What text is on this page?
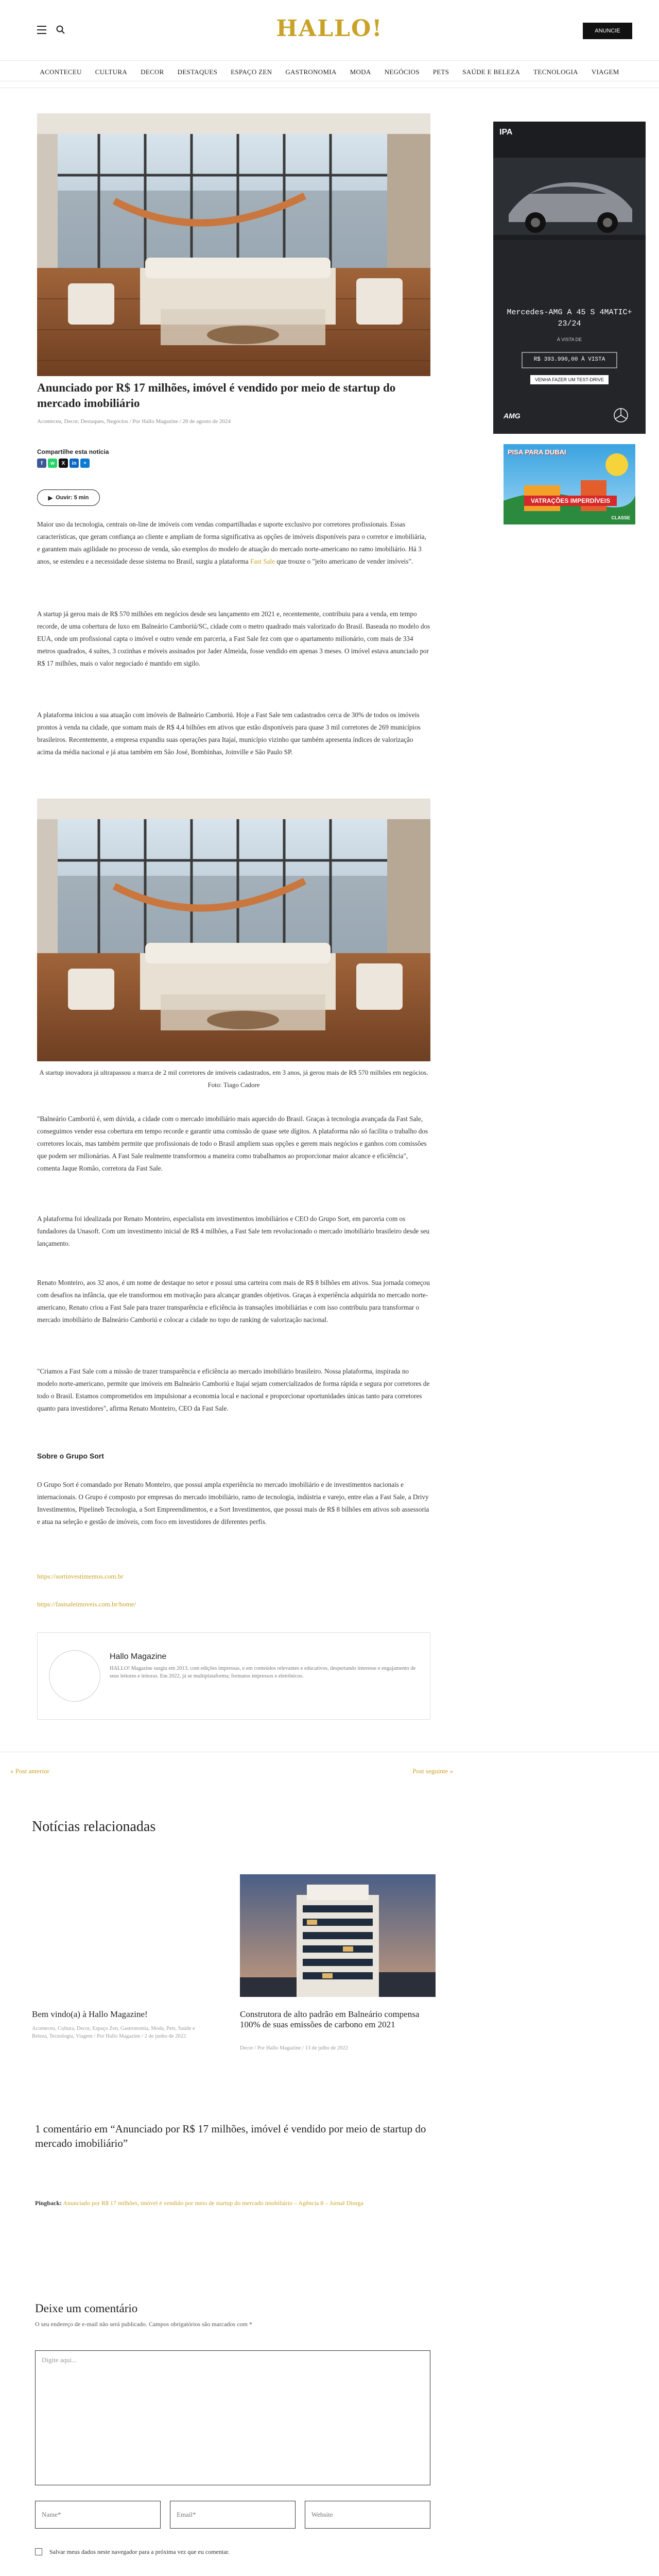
HALLO!	ANUNCIE
ACONTECEU CULTURA DECOR DESTAQUES ESPAÇO ZEN GASTRONOMIA MODA NEGÓCIOS PETS SAÚDE E BELEZA TECNOLOGIA VIAGEM
Anunciado por R$ 17 milhões, imóvel é vendido por meio de startup do mercado imobiliário
Aconteceu, Decor, Destaques, Negócios / Por Hallo Magazine / 28 de agosto de 2024
Compartilhe esta notícia
f	w	X	in	+
▶ Ouvir: 5 min

Maior uso da tecnologia, centrais on-line de imóveis com vendas compartilhadas e suporte exclusivo por corretores profissionais. Essas características, que geram confiança ao cliente e ampliam de forma significativa as opções de imóveis disponíveis para o corretor e imobiliária, e garantem mais agilidade no processo de venda, são exemplos do modelo de atuação do mercado norte-americano no ramo imobiliário. Há 3 anos, se estendeu e a necessidade desse sistema no Brasil, surgiu a plataforma Fast Sale que trouxe o "jeito americano de vender imóveis".

A startup já gerou mais de R$ 570 milhões em negócios desde seu lançamento em 2021 e, recentemente, contribuiu para a venda, em tempo recorde, de uma cobertura de luxo em Balneário Camboriú/SC, cidade com o metro quadrado mais valorizado do Brasil. Baseada no modelo dos EUA, onde um profissional capta o imóvel e outro vende em parceria, a Fast Sale fez com que o apartamento milionário, com mais de 334 metros quadrados, 4 suítes, 3 cozinhas e móveis assinados por Jader Almeida, fosse vendido em apenas 3 meses. O imóvel estava anunciado por R$ 17 milhões, mais o valor negociado é mantido em sigilo.

A plataforma iniciou a sua atuação com imóveis de Balneário Camboriú. Hoje a Fast Sale tem cadastrados cerca de 30% de todos os imóveis prontos à venda na cidade, que somam mais de R$ 4,4 bilhões em ativos que estão disponíveis para quase 3 mil corretores de 269 municípios brasileiros. Recentemente, a empresa expandiu suas operações para Itajaí, município vizinho que também apresenta índices de valorização acima da média nacional e já atua também em São José, Bombinhas, Joinville e São Paulo SP.

A startup inovadora já ultrapassou a marca de 2 mil corretores de imóveis cadastrados, em 3 anos, já gerou mais de R$ 570 milhões em negócios. Foto: Tiago Cadore

"Balneário Camboriú é, sem dúvida, a cidade com o mercado imobiliário mais aquecido do Brasil. Graças à tecnologia avançada da Fast Sale, conseguimos vender essa cobertura em tempo recorde e garantir uma comissão de quase sete dígitos. A plataforma não só facilita o trabalho dos corretores locais, mas também permite que profissionais de todo o Brasil ampliem suas opções e gerem mais negócios e ganhos com comissões que podem ser milionárias. A Fast Sale realmente transformou a maneira como trabalhamos ao proporcionar maior alcance e eficiência", comenta Jaque Romão, corretora da Fast Sale.

A plataforma foi idealizada por Renato Monteiro, especialista em investimentos imobiliários e CEO do Grupo Sort, em parceria com os fundadores da Unasoft. Com um investimento inicial de R$ 4 milhões, a Fast Sale tem revolucionado o mercado imobiliário brasileiro desde seu lançamento.

Renato Monteiro, aos 32 anos, é um nome de destaque no setor e possui uma carteira com mais de R$ 8 bilhões em ativos. Sua jornada começou com desafios na infância, que ele transformou em motivação para alcançar grandes objetivos. Graças à experiência adquirida no mercado norte-americano, Renato criou a Fast Sale para trazer transparência e eficiência às transações imobiliárias e com isso contribuiu para transformar o mercado imobiliário de Balneário Camboriú e colocar a cidade no topo de ranking de valorização nacional.

"Criamos a Fast Sale com a missão de trazer transparência e eficiência ao mercado imobiliário brasileiro. Nossa plataforma, inspirada no modelo norte-americano, permite que imóveis em Balneário Camboriú e Itajaí sejam comercializados de forma rápida e segura por corretores de todo o Brasil. Estamos comprometidos em impulsionar a economia local e nacional e proporcionar oportunidades únicas tanto para corretores quanto para investidores", afirma Renato Monteiro, CEO da Fast Sale.

Sobre o Grupo Sort

O Grupo Sort é comandado por Renato Monteiro, que possui ampla experiência no mercado imobiliário e de investimentos nacionais e internacionais. O Grupo é composto por empresas do mercado imobiliário, ramo de tecnologia, indústria e varejo, entre elas a Fast Sale, a Drivy Investimentos, Pipelineb Tecnologia, a Sort Empreendimentos, e a Sort Investimentos, que possui mais de R$ 8 bilhões em ativos sob assessoria e atua na seleção e gestão de imóveis, com foco em investidores de diferentes perfis.

https://sortinvestimentos.com.br
https://fastsaleimoveis.com.br/home/
Hallo Magazine
HALLO! Magazine surgiu em 2013, com edições impressas, e em conteúdos relevantes e educativos, despertando interesse e engajamento de seus leitores e leitoras. Em 2022, já se multiplataforma; formatos impressos e eletrônicos.
« Post anterior	Post seguinte »
Notícias relacionadas
Bem vindo(a) à Hallo Magazine!
Aconteceu, Cultura, Decor, Espaço Zen, Gastronomia, Moda, Pets, Saúde e Beleza, Tecnologia, Viagem / Por Hallo Magazine / 2 de junho de 2022
Construtora de alto padrão em Balneário compensa 100% de suas emissões de carbono em 2021
Decor / Por Hallo Magazine / 13 de julho de 2022
1 comentário em “Anunciado por R$ 17 milhões, imóvel é vendido por meio de startup do mercado imobiliário”
Pingback: Anunciado por R$ 17 milhões, imóvel é vendido por meio de startup do mercado imobiliário – Agência 8 – Jornal Diorga
Deixe um comentário
O seu endereço de e-mail não será publicado. Campos obrigatórios são marcados com *
Digite aqui...
Name*
Email*
Website
Salvar meus dados neste navegador para a próxima vez que eu comentar.
IPA
Mercedes-AMG A 45 S 4MATIC+ 23/24
À VISTA DE
R$ 393.990,00 À VISTA
VENHA FAZER UM TEST-DRIVE
AMG
PISA PARA DUBAI
VATRAÇÕES IMPERDÍVEIS
CLASSE
